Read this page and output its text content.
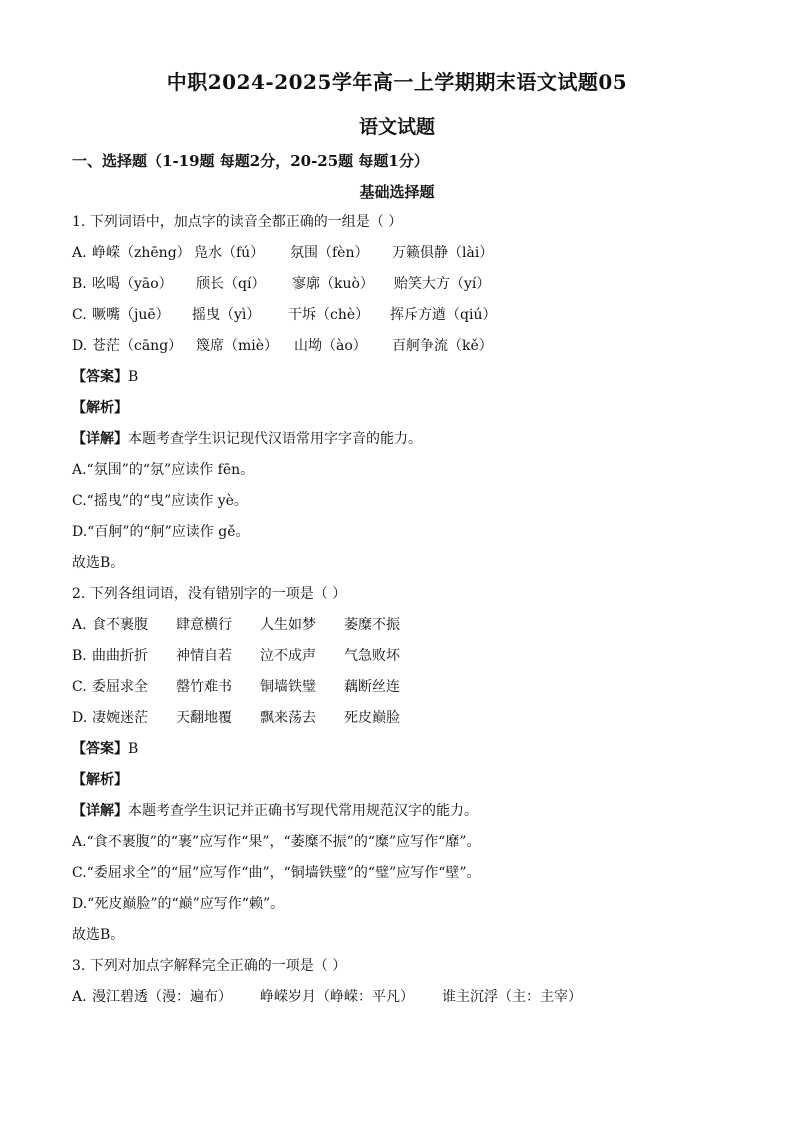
中职2024-2025学年高一上学期期末语文试题05
语文试题
一、选择题（1-19题 每题2分，20-25题 每题1分）
基础选择题
1. 下列词语中，加点字的读音全都正确的一组是（ ）
A. 峥嵘（zhēng） 凫水（fú）	氛围（fèn）	万籁俱静（lài）
B. 吆喝（yāo）	颀长（qí）	寥廓（kuò）	贻笑大方（yí）
C. 噘嘴（juē）	摇曳（yì）	干坼（chè）	挥斥方遒（qiú）
D. 苍茫（cāng） 篾席（miè）	山坳（ào）	百舸争流（kě）
【答案】B
【解析】
【详解】本题考查学生识记现代汉语常用字字音的能力。
A.“氛围”的“氛”应读作 fēn。
C.“摇曳”的“曳”应读作 yè。
D.“百舸”的“舸”应读作 gě。
故选B。
2. 下列各组词语，没有错别字的一项是（ ）
A. 食不裹腹	肆意横行	人生如梦	萎糜不振
B. 曲曲折折	神情自若	泣不成声	气急败坏
C. 委屈求全	罄竹难书	铜墙铁璧	藕断丝连
D. 凄婉迷茫	天翻地覆	飘来荡去	死皮巅脸
【答案】B
【解析】
【详解】本题考查学生识记并正确书写现代常用规范汉字的能力。
A.“食不裹腹”的“裹”应写作“果”，“萎糜不振”的“糜”应写作“靡”。
C.“委屈求全”的“屈”应写作“曲”，“铜墙铁璧”的“璧”应写作“壁”。
D.“死皮巅脸”的“巅”应写作“赖”。
故选B。
3. 下列对加点字解释完全正确的一项是（ ）
A. 漫江碧透（漫：遍布）	峥嵘岁月（峥嵘：平凡）	谁主沉浮（主：主宰）
